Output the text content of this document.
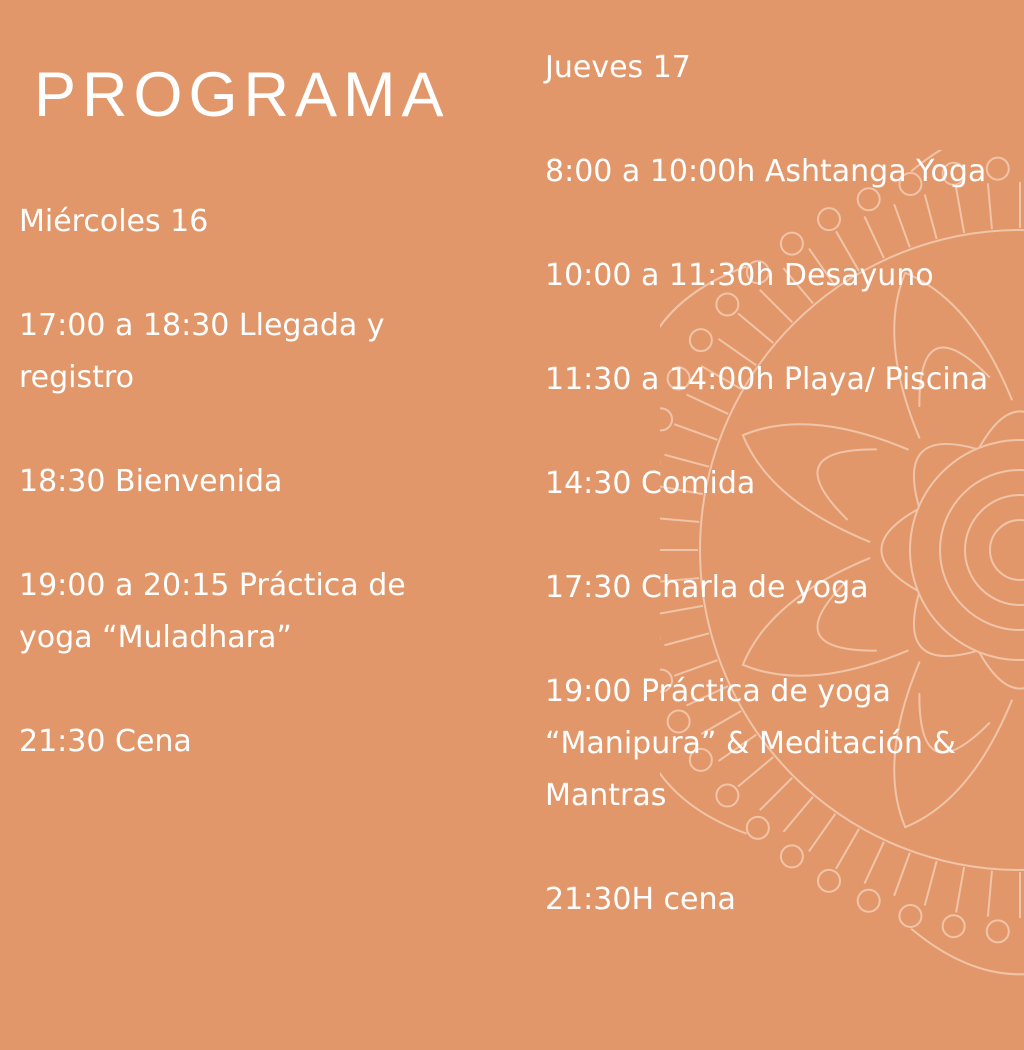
PROGRAMA
Miércoles 16
17:00 a 18:30 Llegada y registro
18:30 Bienvenida
19:00 a 20:15 Práctica de yoga “Muladhara”
21:30 Cena
Jueves 17
8:00 a 10:00h Ashtanga Yoga
10:00 a 11:30h Desayuno
11:30 a 14:00h Playa/ Piscina
14:30 Comida
17:30 Charla de yoga
19:00 Práctica de yoga “Manipura” & Meditación & Mantras
21:30H cena
